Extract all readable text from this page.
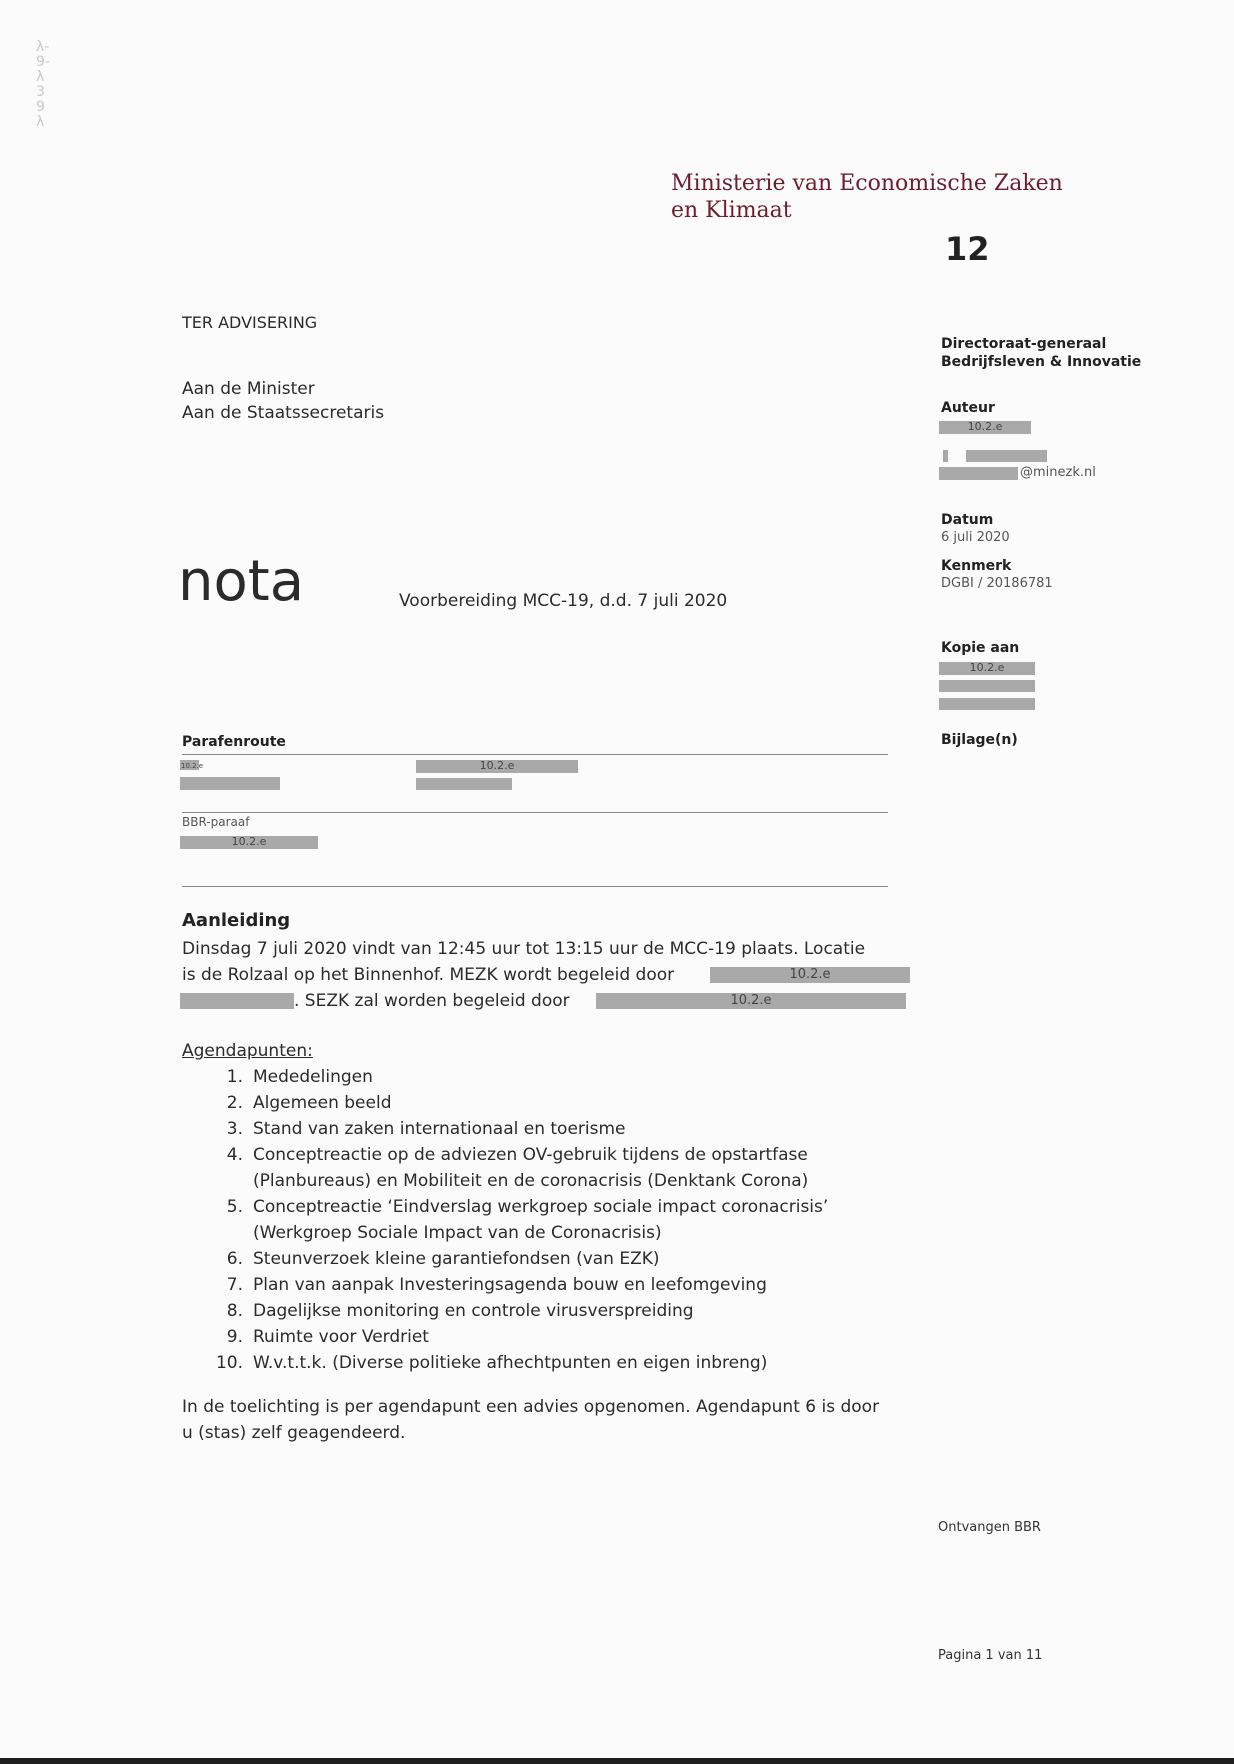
λ-9-λ39λ
Ministerie van Economische Zaken
en Klimaat
12
TER ADVISERING
Aan de Minister
Aan de Staatssecretaris
Directoraat-generaal
Bedrijfsleven & Innovatie
Auteur
10.2.e
@minezk.nl
Datum
6 juli 2020
Kenmerk
DGBI / 20186781
Kopie aan
10.2.e
Bijlage(n)
nota	Voorbereiding MCC-19, d.d. 7 juli 2020
Parafenroute
10.2.e	10.2.e
BBR-paraaf
10.2.e
Aanleiding
Dinsdag 7 juli 2020 vindt van 12:45 uur tot 13:15 uur de MCC-19 plaats. Locatie
is de Rolzaal op het Binnenhof. MEZK wordt begeleid door	10.2.e
. SEZK zal worden begeleid door	10.2.e
Agendapunten:
1. Mededelingen
2. Algemeen beeld
3. Stand van zaken internationaal en toerisme
4. Conceptreactie op de adviezen OV-gebruik tijdens de opstartfase
(Planbureaus) en Mobiliteit en de coronacrisis (Denktank Corona)
5. Conceptreactie ‘Eindverslag werkgroep sociale impact coronacrisis’
(Werkgroep Sociale Impact van de Coronacrisis)
6. Steunverzoek kleine garantiefondsen (van EZK)
7. Plan van aanpak Investeringsagenda bouw en leefomgeving
8. Dagelijkse monitoring en controle virusverspreiding
9. Ruimte voor Verdriet
10. W.v.t.t.k. (Diverse politieke afhechtpunten en eigen inbreng)
In de toelichting is per agendapunt een advies opgenomen. Agendapunt 6 is door
u (stas) zelf geagendeerd.
Ontvangen BBR
Pagina 1 van 11
